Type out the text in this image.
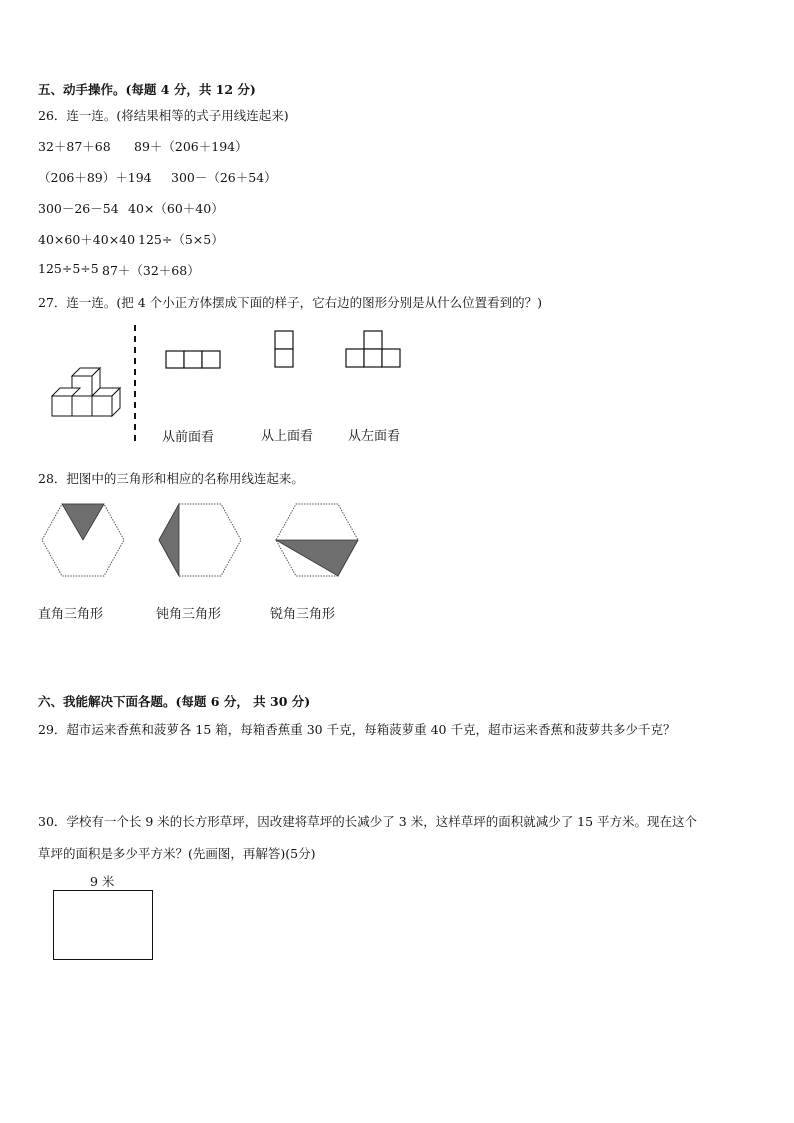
五、动手操作。(每题 4 分，共 12 分)
26．连一连。(将结果相等的式子用线连起来)
32＋87＋68 89＋（206＋194）
（206＋89）＋194 300－（26＋54）
300－26－54 40×（60＋40）
40×60＋40×40 125÷（5×5）
125÷5÷5 87＋（32＋68）
27．连一连。(把 4 个小正方体摆成下面的样子，它右边的图形分别是从什么位置看到的？)
从前面看	从上面看	从左面看
28．把图中的三角形和相应的名称用线连起来。
直角三角形	钝角三角形	锐角三角形
六、我能解决下面各题。(每题 6 分， 共 30 分)
29．超市运来香蕉和菠萝各 15 箱，每箱香蕉重 30 千克，每箱菠萝重 40 千克，超市运来香蕉和菠萝共多少千克？
30．学校有一个长 9 米的长方形草坪，因改建将草坪的长减少了 3 米，这样草坪的面积就减少了 15 平方米。现在这个
草坪的面积是多少平方米？(先画图，再解答)(5分)
9 米
